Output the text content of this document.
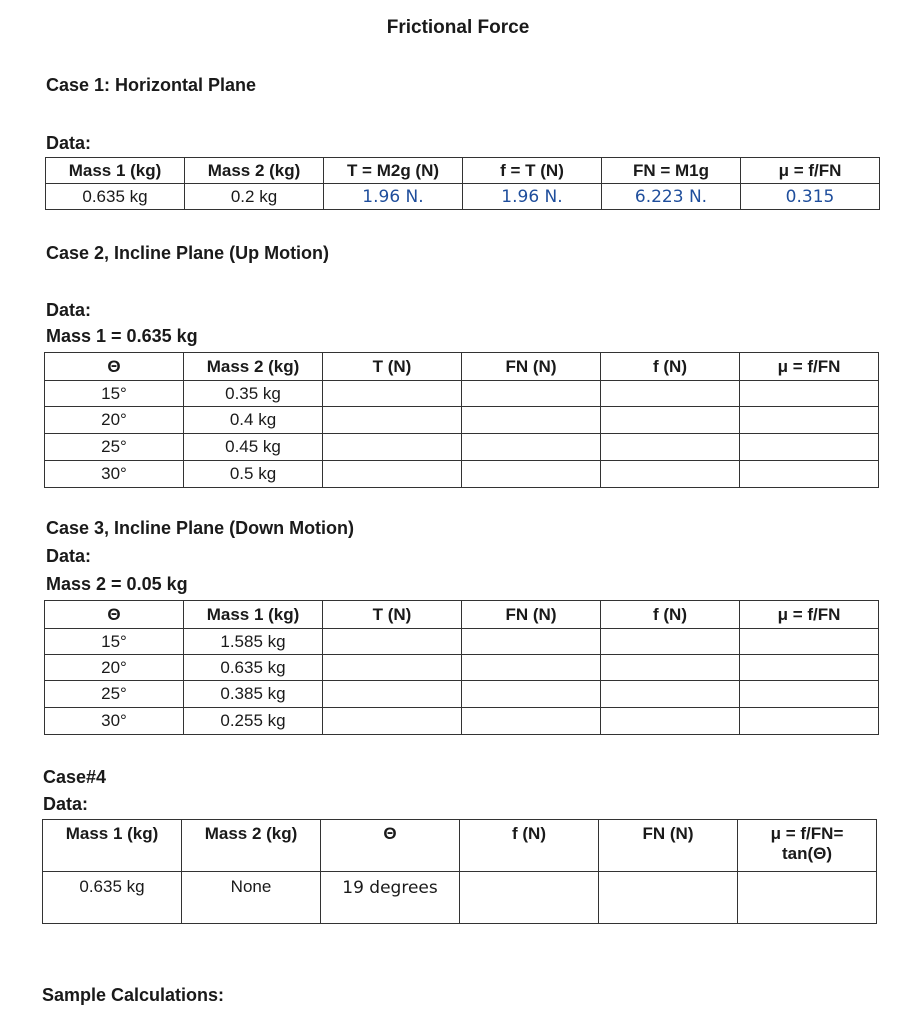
Frictional Force
Case 1: Horizontal Plane
Data:
Mass 1 (kg)	Mass 2 (kg)	T = M2g (N)	f = T (N)	FN = M1g	μ = f/FN
0.635 kg	0.2 kg	1.96 N.	1.96 N.	6.223 N.	0.315
Case 2, Incline Plane (Up Motion)
Data:
Mass 1 = 0.635 kg
Θ	Mass 2 (kg)	T (N)	FN (N)	f (N)	μ = f/FN
15°	0.35 kg				
20°	0.4 kg				
25°	0.45 kg				
30°	0.5 kg				
Case 3, Incline Plane (Down Motion)
Data:
Mass 2 = 0.05 kg
Θ	Mass 1 (kg)	T (N)	FN (N)	f (N)	μ = f/FN
15°	1.585 kg				
20°	0.635 kg				
25°	0.385 kg				
30°	0.255 kg				
Case#4
Data:
Mass 1 (kg)	Mass 2 (kg)	Θ	f (N)	FN (N)	μ = f/FN= tan(Θ)
0.635 kg	None	19 degrees			
Sample Calculations:
